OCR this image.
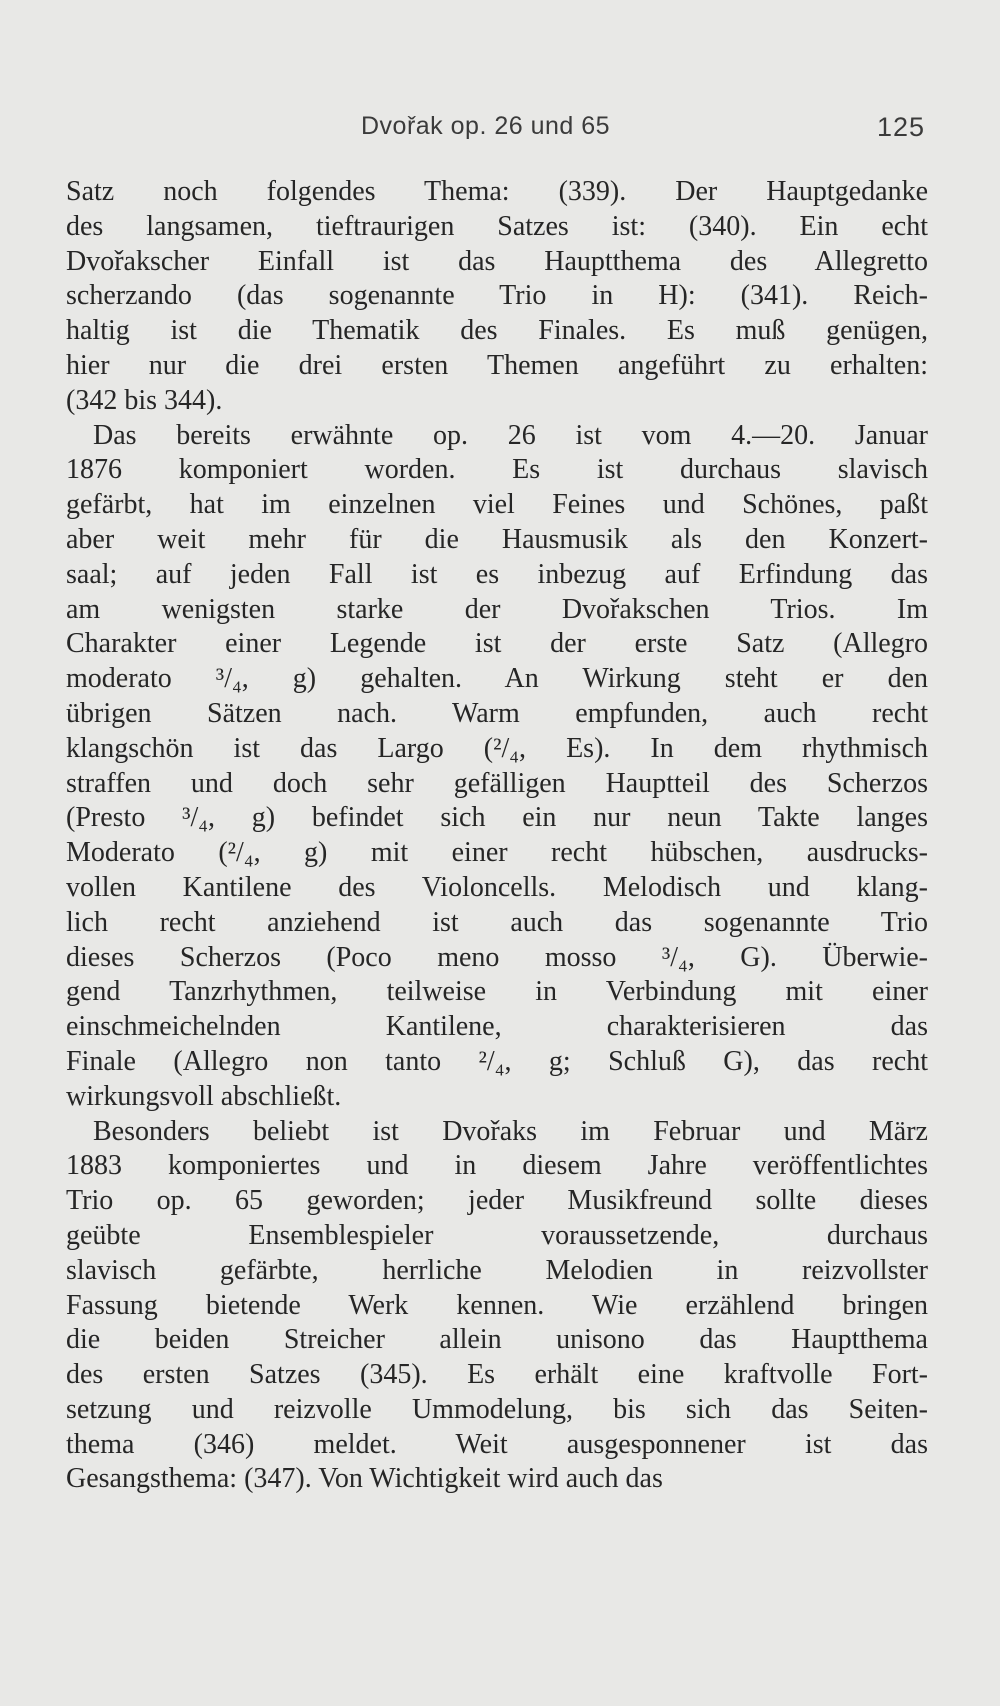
Dvořak op. 26 und 65	125
Satz noch folgendes Thema: (339). Der Hauptgedanke
des langsamen, tieftraurigen Satzes ist: (340). Ein echt
Dvořakscher Einfall ist das Hauptthema des Allegretto
scherzando (das sogenannte Trio in H): (341). Reich-
haltig ist die Thematik des Finales. Es muß genügen,
hier nur die drei ersten Themen angeführt zu erhalten:
(342 bis 344).
Das bereits erwähnte op. 26 ist vom 4.—20. Januar
1876 komponiert worden. Es ist durchaus slavisch
gefärbt, hat im einzelnen viel Feines und Schönes, paßt
aber weit mehr für die Hausmusik als den Konzert-
saal; auf jeden Fall ist es inbezug auf Erfindung das
am wenigsten starke der Dvořakschen Trios. Im
Charakter einer Legende ist der erste Satz (Allegro
moderato ³/₄, g) gehalten. An Wirkung steht er den
übrigen Sätzen nach. Warm empfunden, auch recht
klangschön ist das Largo (²/₄, Es). In dem rhythmisch
straffen und doch sehr gefälligen Hauptteil des Scherzos
(Presto ³/₄, g) befindet sich ein nur neun Takte langes
Moderato (²/₄, g) mit einer recht hübschen, ausdrucks-
vollen Kantilene des Violoncells. Melodisch und klang-
lich recht anziehend ist auch das sogenannte Trio
dieses Scherzos (Poco meno mosso ³/₄, G). Überwie-
gend Tanzrhythmen, teilweise in Verbindung mit einer
einschmeichelnden Kantilene, charakterisieren das
Finale (Allegro non tanto ²/₄, g; Schluß G), das recht
wirkungsvoll abschließt.
Besonders beliebt ist Dvořaks im Februar und März
1883 komponiertes und in diesem Jahre veröffentlichtes
Trio op. 65 geworden; jeder Musikfreund sollte dieses
geübte Ensemblespieler voraussetzende, durchaus
slavisch gefärbte, herrliche Melodien in reizvollster
Fassung bietende Werk kennen. Wie erzählend bringen
die beiden Streicher allein unisono das Hauptthema
des ersten Satzes (345). Es erhält eine kraftvolle Fort-
setzung und reizvolle Ummodelung, bis sich das Seiten-
thema (346) meldet. Weit ausgesponnener ist das
Gesangsthema: (347). Von Wichtigkeit wird auch das
